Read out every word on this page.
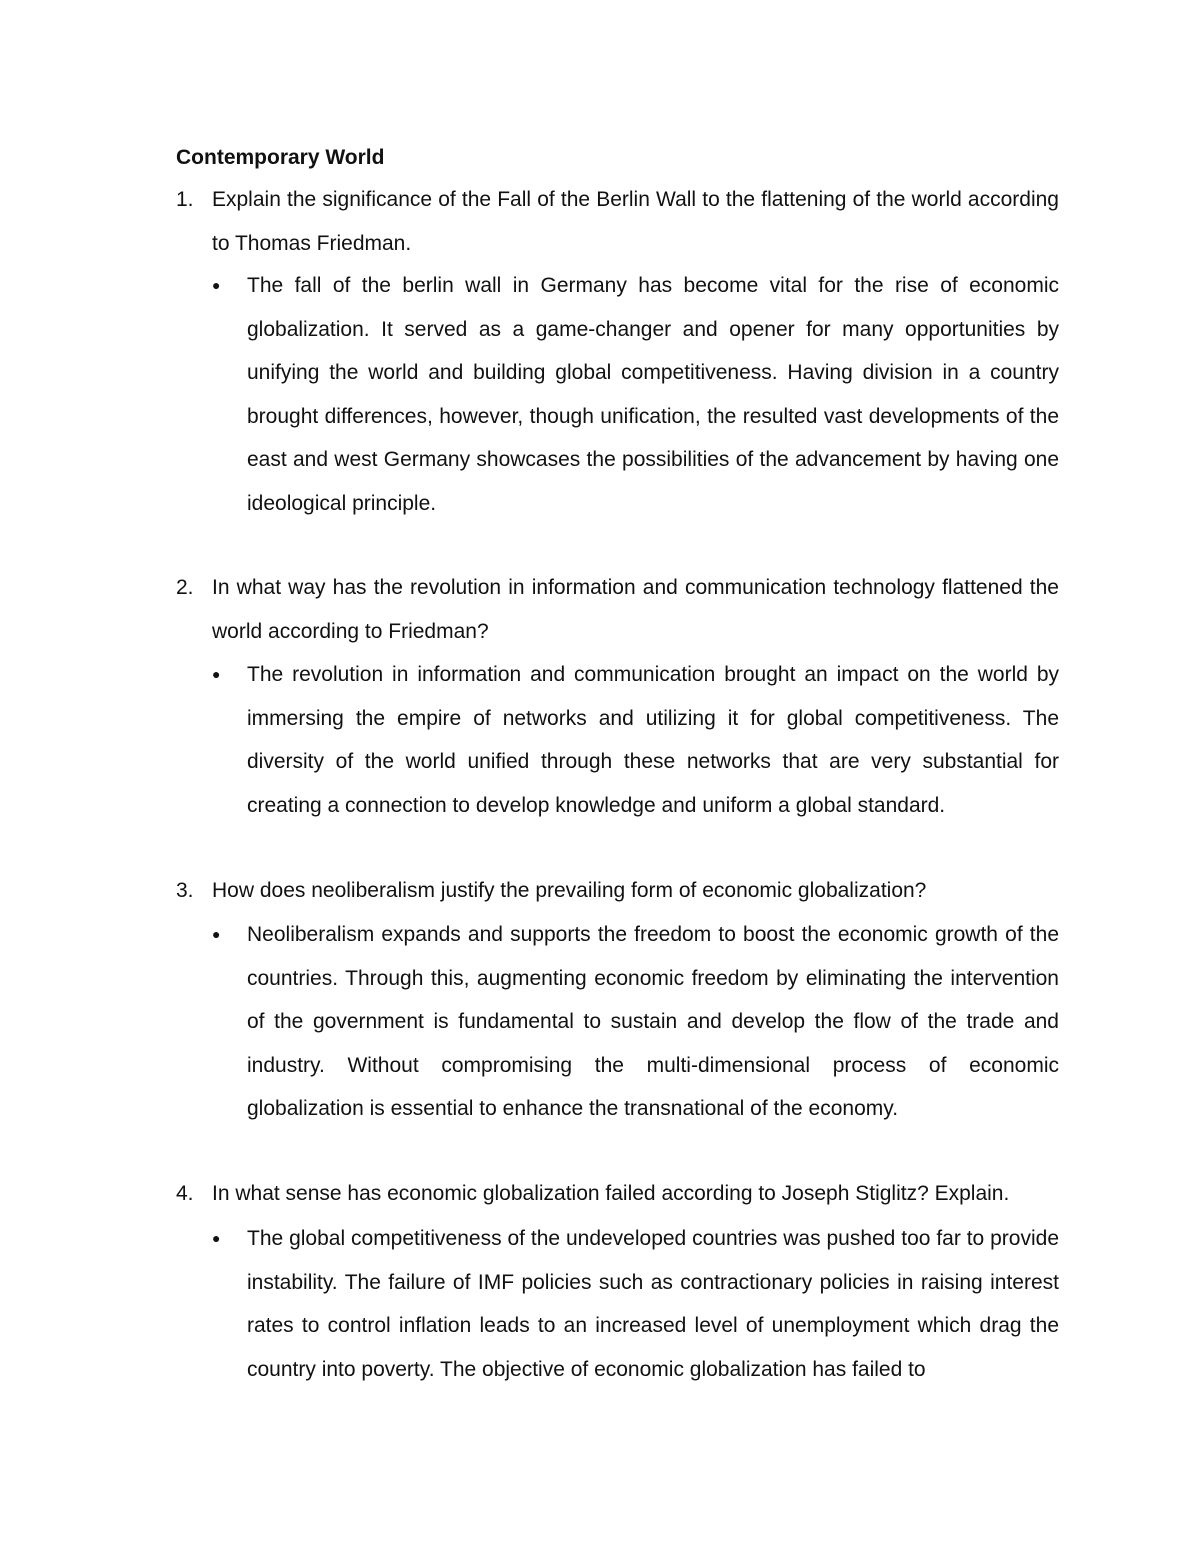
Contemporary World
1. Explain the significance of the Fall of the Berlin Wall to the flattening of the world according to Thomas Friedman.
●	The fall of the berlin wall in Germany has become vital for the rise of economic globalization. It served as a game-changer and opener for many opportunities by unifying the world and building global competitiveness. Having division in a country brought differences, however, though unification, the resulted vast developments of the east and west Germany showcases the possibilities of the advancement by having one ideological principle.
2. In what way has the revolution in information and communication technology flattened the world according to Friedman?
●	The revolution in information and communication brought an impact on the world by immersing the empire of networks and utilizing it for global competitiveness. The diversity of the world unified through these networks that are very substantial for creating a connection to develop knowledge and uniform a global standard.
3. How does neoliberalism justify the prevailing form of economic globalization?
●	Neoliberalism expands and supports the freedom to boost the economic growth of the countries. Through this, augmenting economic freedom by eliminating the intervention of the government is fundamental to sustain and develop the flow of the trade and industry. Without compromising the multi-dimensional process of economic globalization is essential to enhance the transnational of the economy.
4. In what sense has economic globalization failed according to Joseph Stiglitz? Explain.
●	The global competitiveness of the undeveloped countries was pushed too far to provide instability. The failure of IMF policies such as contractionary policies in raising interest rates to control inflation leads to an increased level of unemployment which drag the country into poverty. The objective of economic globalization has failed to
